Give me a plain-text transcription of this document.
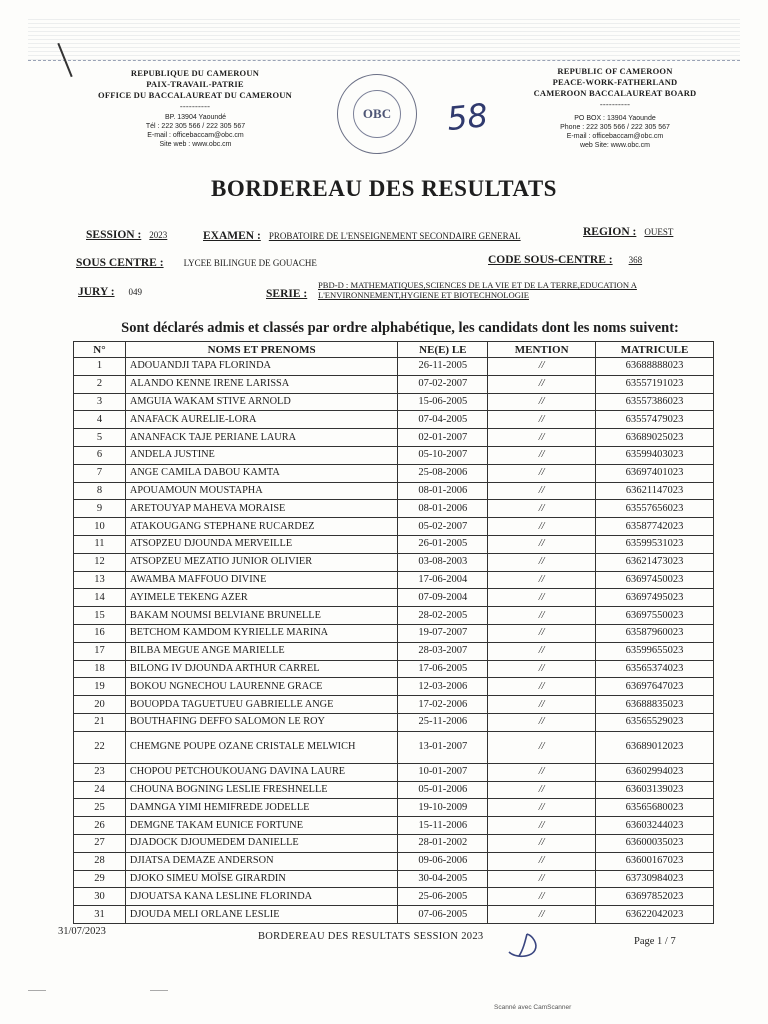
REPUBLIQUE DU CAMEROUN
PAIX-TRAVAIL-PATRIE
OFFICE DU BACCALAUREAT DU CAMEROUN
----------
BP. 13904 Yaoundé
Tél : 222 305 566 / 222 305 567
E-mail : officebaccam@obc.cm
Site web : www.obc.cm
OBC	58
REPUBLIC OF CAMEROON
PEACE-WORK-FATHERLAND
CAMEROON BACCALAUREAT BOARD
----------
PO BOX : 13904 Yaounde
Phone : 222 305 566 / 222 305 567
E-mail : officebaccam@obc.cm
web Site: www.obc.cm
BORDEREAU DES RESULTATS
SESSION : 2023	EXAMEN : PROBATOIRE DE L'ENSEIGNEMENT SECONDAIRE GENERAL	REGION : OUEST
SOUS CENTRE : LYCEE BILINGUE DE GOUACHE	CODE SOUS-CENTRE : 368
JURY : 049	SERIE :
PBD-D : MATHEMATIQUES,SCIENCES DE LA VIE ET DE LA TERRE,EDUCATION A
L'ENVIRONNEMENT,HYGIENE ET BIOTECHNOLOGIE
Sont déclarés admis et classés par ordre alphabétique, les candidats dont les noms suivent:
N°	NOMS ET PRENOMS	NE(E) LE	MENTION	MATRICULE
1	ADOUANDJI TAPA FLORINDA	26-11-2005	//	63688888023
2	ALANDO KENNE IRENE LARISSA	07-02-2007	//	63557191023
3	AMGUIA WAKAM STIVE ARNOLD	15-06-2005	//	63557386023
4	ANAFACK AURELIE-LORA	07-04-2005	//	63557479023
5	ANANFACK TAJE PERIANE LAURA	02-01-2007	//	63689025023
6	ANDELA JUSTINE	05-10-2007	//	63599403023
7	ANGE CAMILA DABOU KAMTA	25-08-2006	//	63697401023
8	APOUAMOUN MOUSTAPHA	08-01-2006	//	63621147023
9	ARETOUYAP MAHEVA MORAISE	08-01-2006	//	63557656023
10	ATAKOUGANG STEPHANE RUCARDEZ	05-02-2007	//	63587742023
11	ATSOPZEU DJOUNDA MERVEILLE	26-01-2005	//	63599531023
12	ATSOPZEU MEZATIO JUNIOR OLIVIER	03-08-2003	//	63621473023
13	AWAMBA MAFFOUO DIVINE	17-06-2004	//	63697450023
14	AYIMELE TEKENG AZER	07-09-2004	//	63697495023
15	BAKAM NOUMSI BELVIANE BRUNELLE	28-02-2005	//	63697550023
16	BETCHOM KAMDOM KYRIELLE MARINA	19-07-2007	//	63587960023
17	BILBA MEGUE ANGE MARIELLE	28-03-2007	//	63599655023
18	BILONG IV DJOUNDA ARTHUR CARREL	17-06-2005	//	63565374023
19	BOKOU NGNECHOU LAURENNE GRACE	12-03-2006	//	63697647023
20	BOUOPDA TAGUETUEU GABRIELLE ANGE	17-02-2006	//	63688835023
21	BOUTHAFING DEFFO SALOMON LE ROY	25-11-2006	//	63565529023
22	CHEMGNE POUPE OZANE CRISTALE MELWICH	13-01-2007	//	63689012023
23	CHOPOU PETCHOUKOUANG DAVINA LAURE	10-01-2007	//	63602994023
24	CHOUNA BOGNING LESLIE FRESHNELLE	05-01-2006	//	63603139023
25	DAMNGA YIMI HEMIFREDE JODELLE	19-10-2009	//	63565680023
26	DEMGNE TAKAM EUNICE FORTUNE	15-11-2006	//	63603244023
27	DJADOCK DJOUMEDEM DANIELLE	28-01-2002	//	63600035023
28	DJIATSA DEMAZE ANDERSON	09-06-2006	//	63600167023
29	DJOKO SIMEU MOÏSE GIRARDIN	30-04-2005	//	63730984023
30	DJOUATSA KANA LESLINE FLORINDA	25-06-2005	//	63697852023
31	DJOUDA MELI ORLANE LESLIE	07-06-2005	//	63622042023
31/07/2023	BORDEREAU DES RESULTATS SESSION 2023	Page 1 / 7
Scanné avec CamScanner
